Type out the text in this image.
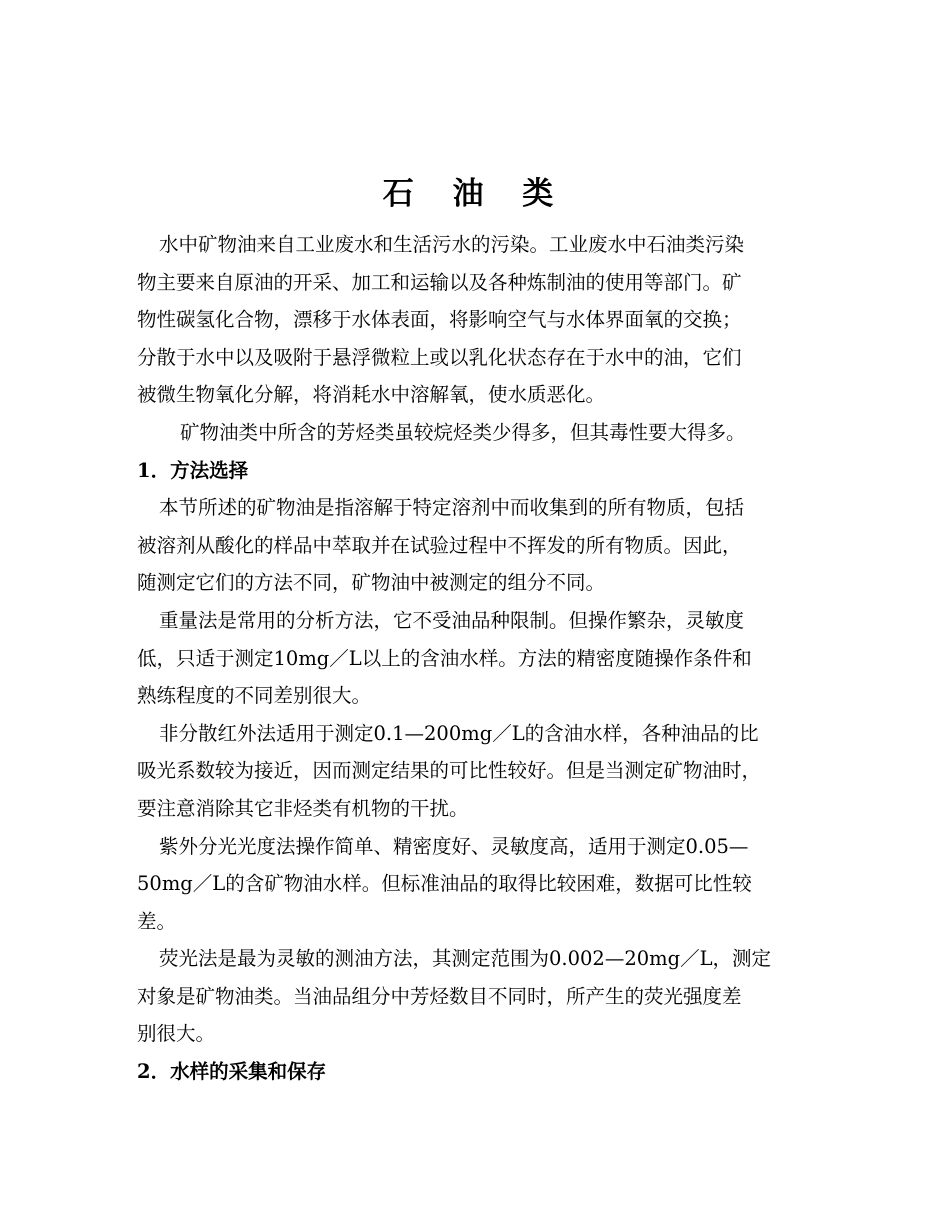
石 油 类
水中矿物油来自工业废水和生活污水的污染。工业废水中石油类污染
物主要来自原油的开采、加工和运输以及各种炼制油的使用等部门。矿
物性碳氢化合物，漂移于水体表面，将影响空气与水体界面氧的交换；
分散于水中以及吸附于悬浮微粒上或以乳化状态存在于水中的油，它们
被微生物氧化分解，将消耗水中溶解氧，使水质恶化。
矿物油类中所含的芳烃类虽较烷烃类少得多，但其毒性要大得多。
1．方法选择
本节所述的矿物油是指溶解于特定溶剂中而收集到的所有物质，包括
被溶剂从酸化的样品中萃取并在试验过程中不挥发的所有物质。因此，
随测定它们的方法不同，矿物油中被测定的组分不同。
重量法是常用的分析方法，它不受油品种限制。但操作繁杂，灵敏度
低，只适于测定10mg／L以上的含油水样。方法的精密度随操作条件和
熟练程度的不同差别很大。
非分散红外法适用于测定0.1—200mg／L的含油水样，各种油品的比
吸光系数较为接近，因而测定结果的可比性较好。但是当测定矿物油时，
要注意消除其它非烃类有机物的干扰。
紫外分光光度法操作简单、精密度好、灵敏度高，适用于测定0.05—
50mg／L的含矿物油水样。但标准油品的取得比较困难，数据可比性较
差。
荧光法是最为灵敏的测油方法，其测定范围为0.002—20mg／L，测定
对象是矿物油类。当油品组分中芳烃数目不同时，所产生的荧光强度差
别很大。
2．水样的采集和保存
